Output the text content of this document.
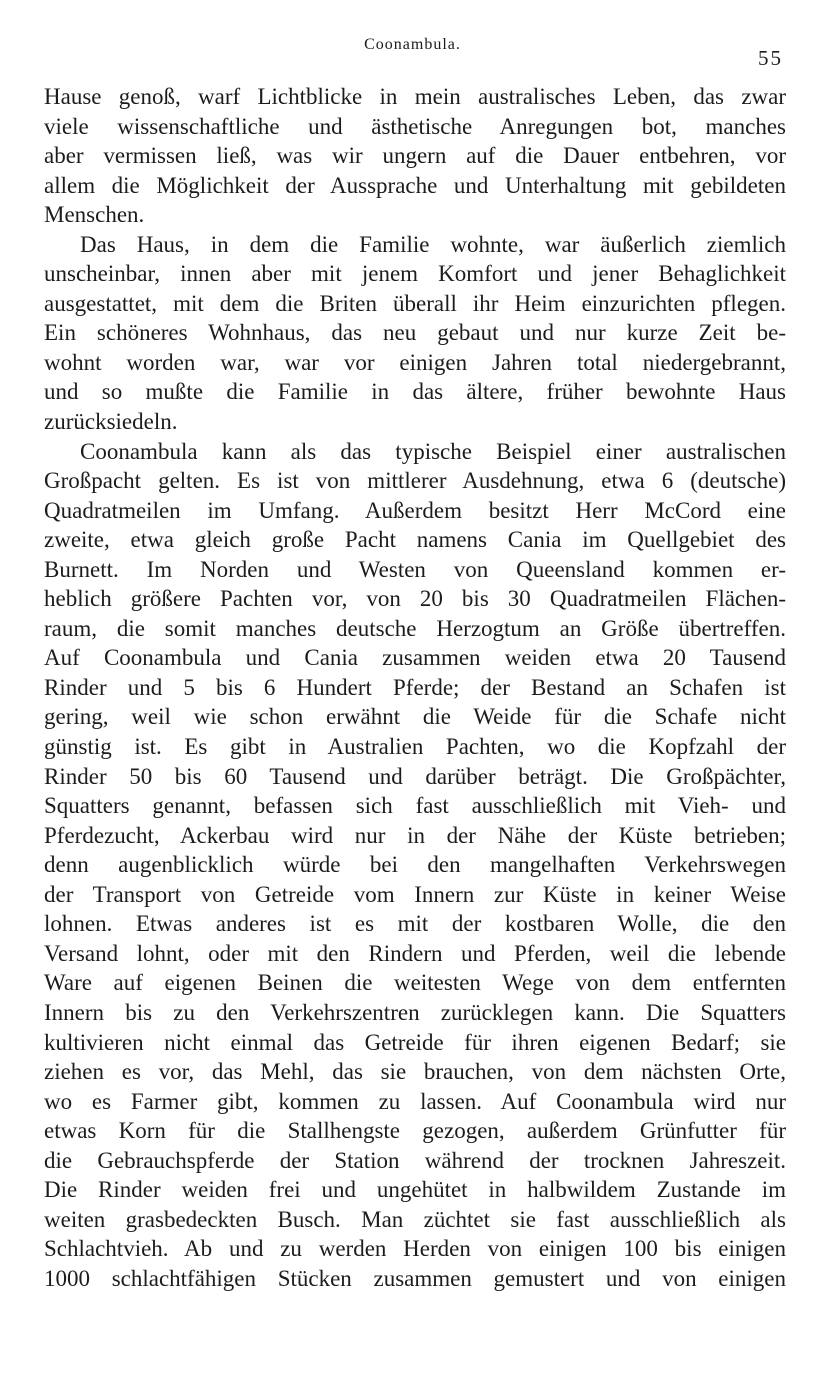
Coonambula.
55
Hause genoß, warf Lichtblicke in mein australisches Leben, das zwar
viele wissenschaftliche und ästhetische Anregungen bot, manches
aber vermissen ließ, was wir ungern auf die Dauer entbehren, vor
allem die Möglichkeit der Aussprache und Unterhaltung mit gebildeten
Menschen.
Das Haus, in dem die Familie wohnte, war äußerlich ziemlich
unscheinbar, innen aber mit jenem Komfort und jener Behaglichkeit
ausgestattet, mit dem die Briten überall ihr Heim einzurichten pflegen.
Ein schöneres Wohnhaus, das neu gebaut und nur kurze Zeit be-
wohnt worden war, war vor einigen Jahren total niedergebrannt,
und so mußte die Familie in das ältere, früher bewohnte Haus
zurücksiedeln.
Coonambula kann als das typische Beispiel einer australischen
Großpacht gelten. Es ist von mittlerer Ausdehnung, etwa 6 (deutsche)
Quadratmeilen im Umfang. Außerdem besitzt Herr McCord eine
zweite, etwa gleich große Pacht namens Cania im Quellgebiet des
Burnett. Im Norden und Westen von Queensland kommen er-
heblich größere Pachten vor, von 20 bis 30 Quadratmeilen Flächen-
raum, die somit manches deutsche Herzogtum an Größe übertreffen.
Auf Coonambula und Cania zusammen weiden etwa 20 Tausend
Rinder und 5 bis 6 Hundert Pferde; der Bestand an Schafen ist
gering, weil wie schon erwähnt die Weide für die Schafe nicht
günstig ist. Es gibt in Australien Pachten, wo die Kopfzahl der
Rinder 50 bis 60 Tausend und darüber beträgt. Die Großpächter,
Squatters genannt, befassen sich fast ausschließlich mit Vieh- und
Pferdezucht, Ackerbau wird nur in der Nähe der Küste betrieben;
denn augenblicklich würde bei den mangelhaften Verkehrswegen
der Transport von Getreide vom Innern zur Küste in keiner Weise
lohnen. Etwas anderes ist es mit der kostbaren Wolle, die den
Versand lohnt, oder mit den Rindern und Pferden, weil die lebende
Ware auf eigenen Beinen die weitesten Wege von dem entfernten
Innern bis zu den Verkehrszentren zurücklegen kann. Die Squatters
kultivieren nicht einmal das Getreide für ihren eigenen Bedarf; sie
ziehen es vor, das Mehl, das sie brauchen, von dem nächsten Orte,
wo es Farmer gibt, kommen zu lassen. Auf Coonambula wird nur
etwas Korn für die Stallhengste gezogen, außerdem Grünfutter für
die Gebrauchspferde der Station während der trocknen Jahreszeit.
Die Rinder weiden frei und ungehütet in halbwildem Zustande im
weiten grasbedeckten Busch. Man züchtet sie fast ausschließlich als
Schlachtvieh. Ab und zu werden Herden von einigen 100 bis einigen
1000 schlachtfähigen Stücken zusammen gemustert und von einigen
